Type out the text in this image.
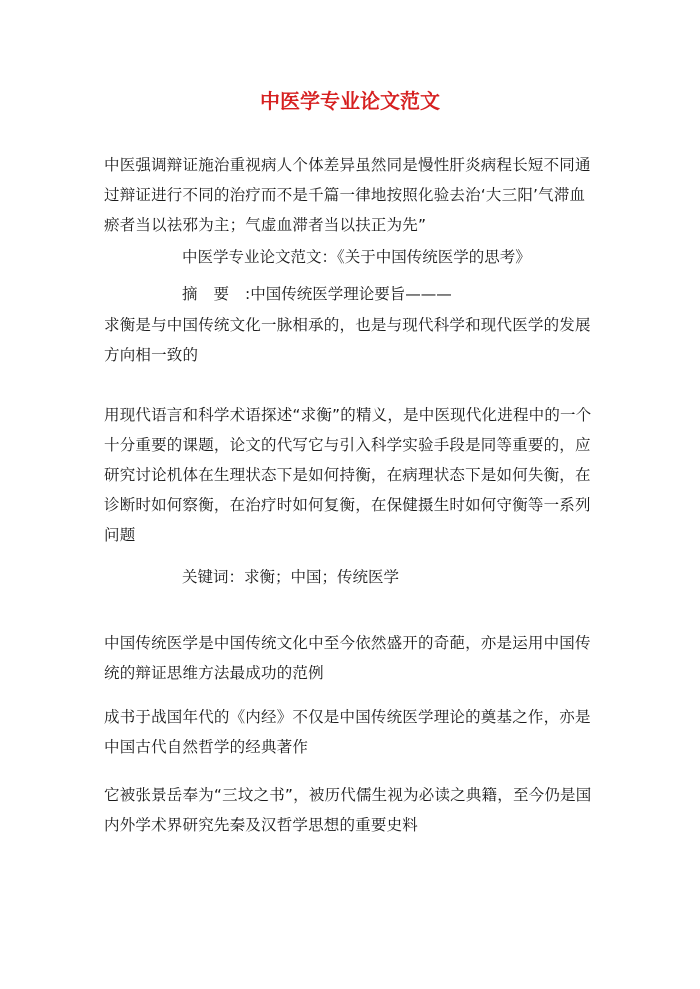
中医学专业论文范文

中医强调辩证施治重视病人个体差异虽然同是慢性肝炎病程长短不同通过辩证进行不同的治疗而不是千篇一律地按照化验去治‘大三阳’气滞血瘀者当以祛邪为主；气虚血滞者当以扶正为先”

中医学专业论文范文：《关于中国传统医学的思考》

摘要:中国传统医学理论要旨———

求衡是与中国传统文化一脉相承的，也是与现代科学和现代医学的发展方向相一致的

用现代语言和科学术语探述“求衡”的精义，是中医现代化进程中的一个十分重要的课题，论文的代写它与引入科学实验手段是同等重要的，应研究讨论机体在生理状态下是如何持衡，在病理状态下是如何失衡，在诊断时如何察衡，在治疗时如何复衡，在保健摄生时如何守衡等一系列问题

关键词：求衡；中国；传统医学

中国传统医学是中国传统文化中至今依然盛开的奇葩，亦是运用中国传统的辩证思维方法最成功的范例

成书于战国年代的《内经》不仅是中国传统医学理论的奠基之作，亦是中国古代自然哲学的经典著作

它被张景岳奉为“三坟之书”，被历代儒生视为必读之典籍，至今仍是国内外学术界研究先秦及汉哲学思想的重要史料
